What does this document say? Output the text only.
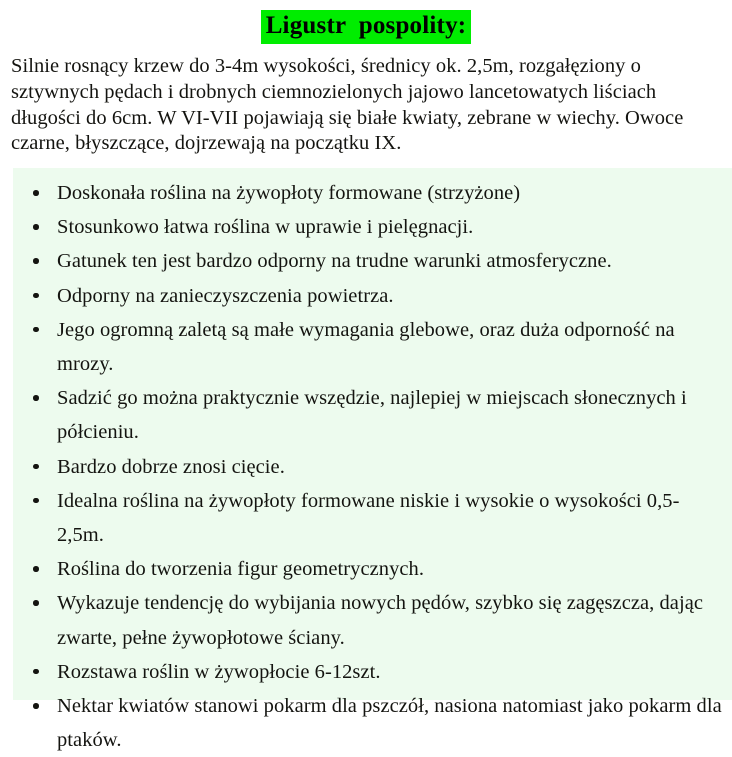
Ligustr  pospolity:

Silnie rosnący krzew do 3-4m wysokości, średnicy ok. 2,5m, rozgałęziony o sztywnych pędach i drobnych ciemnozielonych jajowo lancetowatych liściach długości do 6cm. W VI-VII pojawiają się białe kwiaty, zebrane w wiechy. Owoce czarne, błyszczące, dojrzewają na początku IX.

Doskonała roślina na żywopłoty formowane (strzyżone)
Stosunkowo łatwa roślina w uprawie i pielęgnacji.
Gatunek ten jest bardzo odporny na trudne warunki atmosferyczne.
Odporny na zanieczyszczenia powietrza.
Jego ogromną zaletą są małe wymagania glebowe, oraz duża odporność na mrozy.
Sadzić go można praktycznie wszędzie, najlepiej w miejscach słonecznych i półcieniu.
Bardzo dobrze znosi cięcie.
Idealna roślina na żywopłoty formowane niskie i wysokie o wysokości 0,5-2,5m.
Roślina do tworzenia figur geometrycznych.
Wykazuje tendencję do wybijania nowych pędów, szybko się zagęszcza, dając zwarte, pełne żywopłotowe ściany.
Rozstawa roślin w żywopłocie 6-12szt.
Nektar kwiatów stanowi pokarm dla pszczół, nasiona natomiast jako pokarm dla ptaków.
